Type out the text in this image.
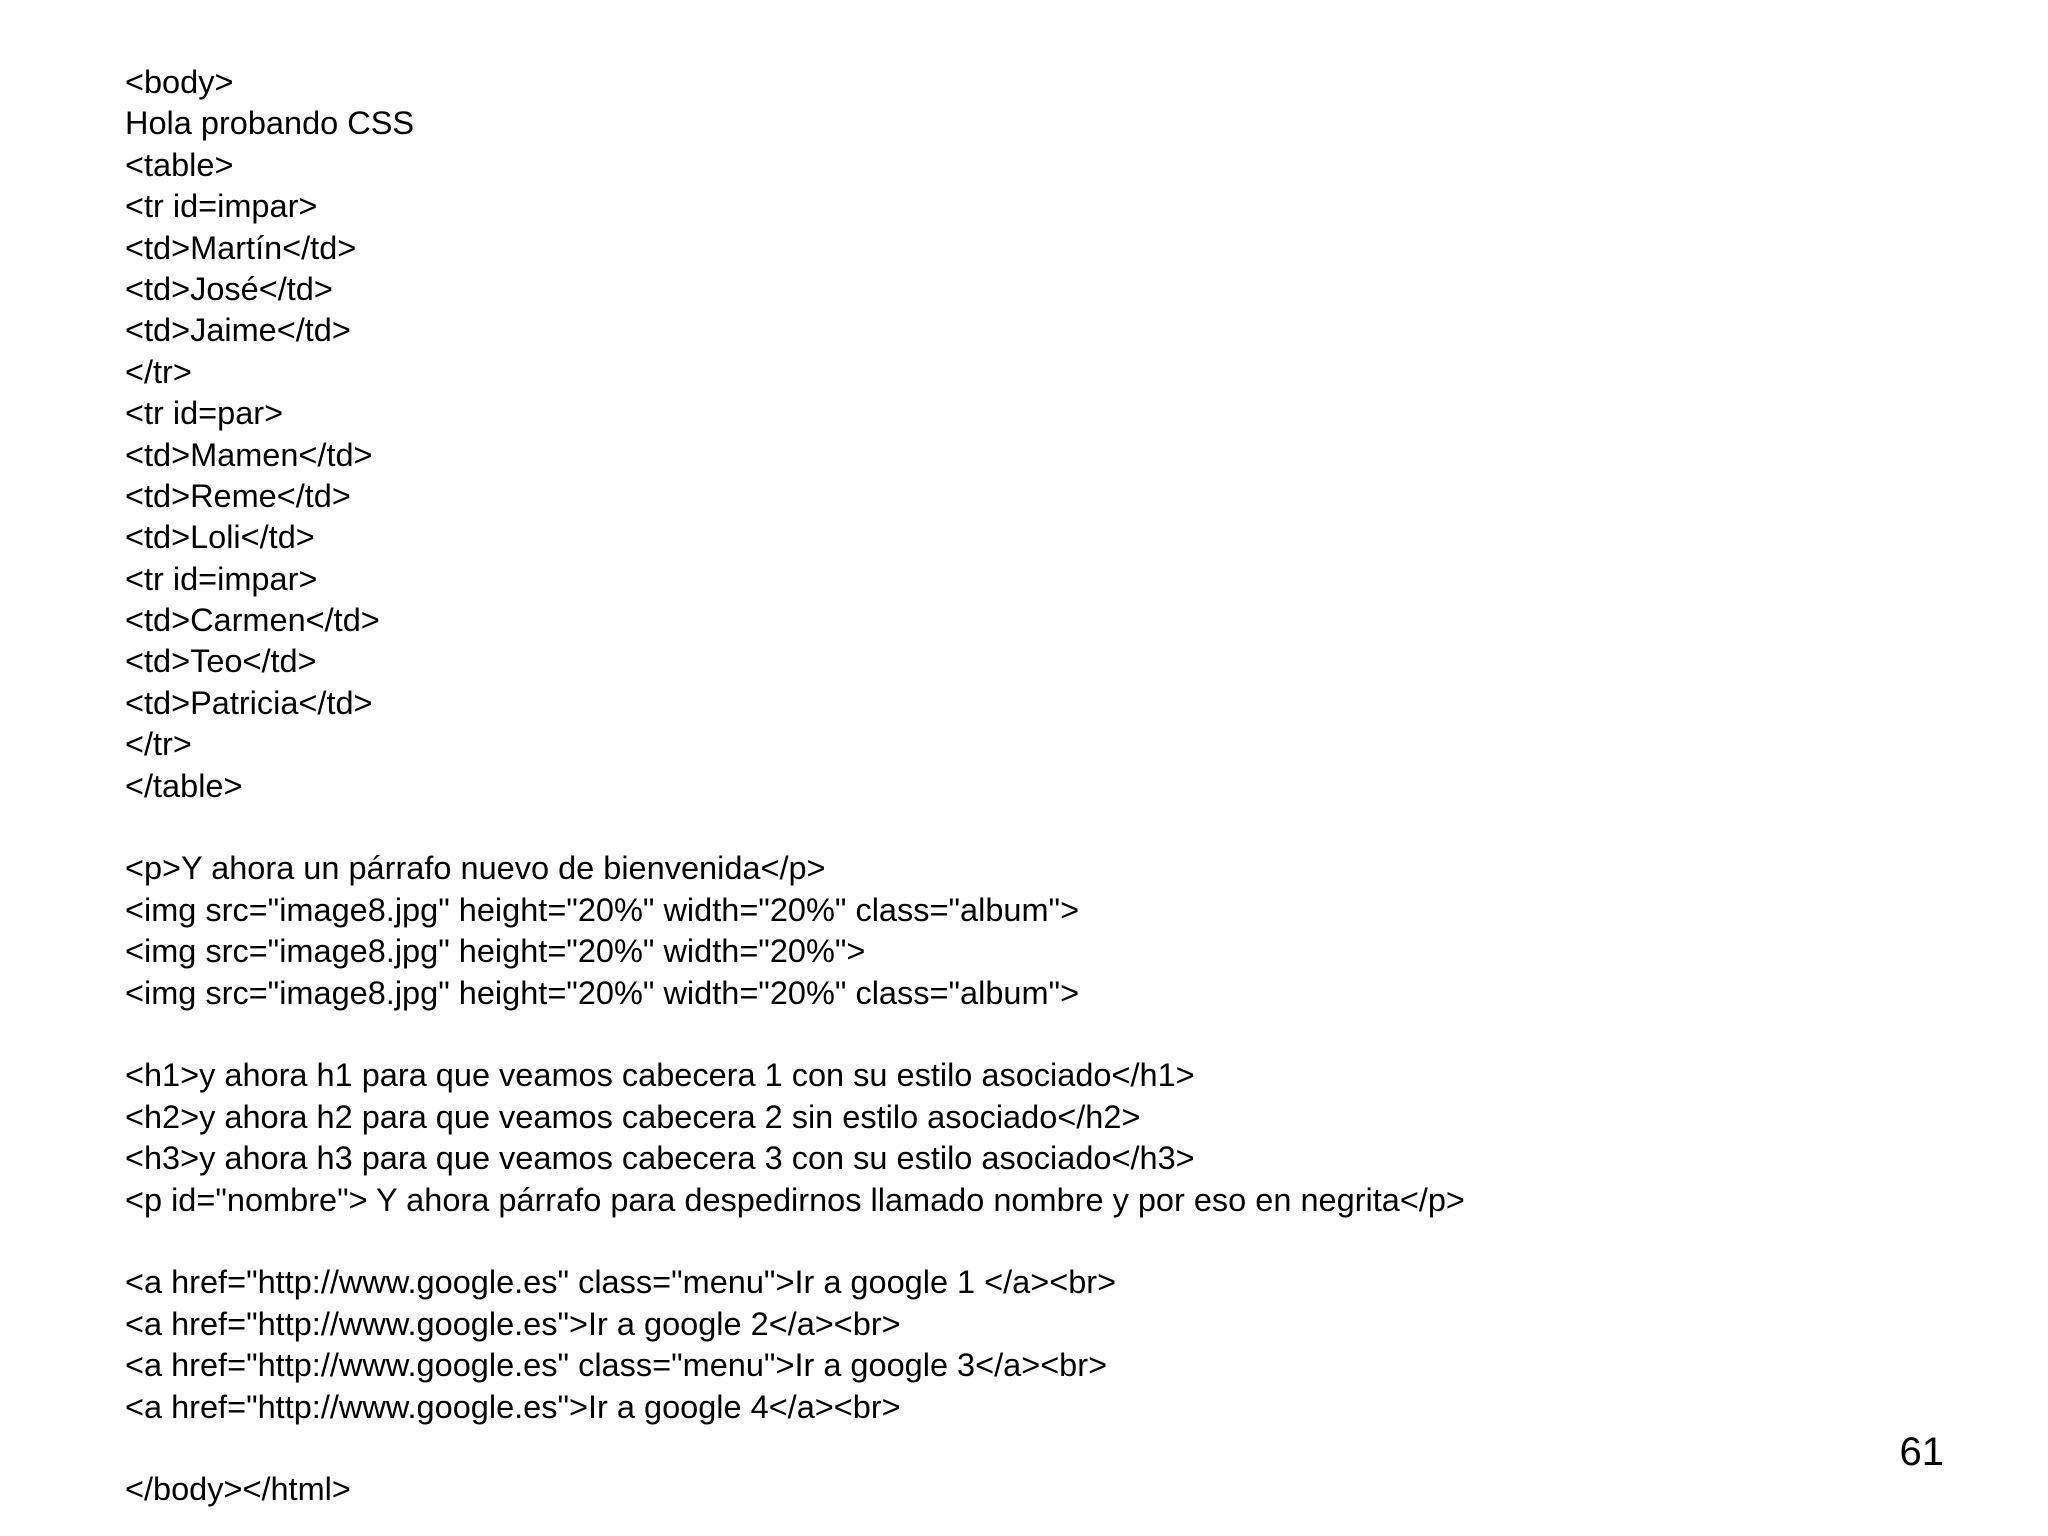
<body>

Hola probando CSS

<table>

<tr id=impar>

<td>Martín</td>

<td>José</td>

<td>Jaime</td>

</tr>

<tr id=par>

<td>Mamen</td>

<td>Reme</td>

<td>Loli</td>

<tr id=impar>

<td>Carmen</td>

<td>Teo</td>

<td>Patricia</td>

</tr>

</table>

<p>Y ahora un párrafo nuevo de bienvenida</p>

<img src="image8.jpg" height="20%" width="20%" class="album">

<img src="image8.jpg" height="20%" width="20%">

<img src="image8.jpg" height="20%" width="20%" class="album">

<h1>y ahora h1 para que veamos cabecera 1 con su estilo asociado</h1>

<h2>y ahora h2 para que veamos cabecera 2 sin estilo asociado</h2>

<h3>y ahora h3 para que veamos cabecera 3 con su estilo asociado</h3>

<p id="nombre"> Y ahora párrafo para despedirnos llamado nombre y por eso en negrita</p>

<a href="http://www.google.es" class="menu">Ir a google 1 </a><br>

<a href="http://www.google.es">Ir a google 2</a><br>

<a href="http://www.google.es" class="menu">Ir a google 3</a><br>

<a href="http://www.google.es">Ir a google 4</a><br>

</body></html>

61
